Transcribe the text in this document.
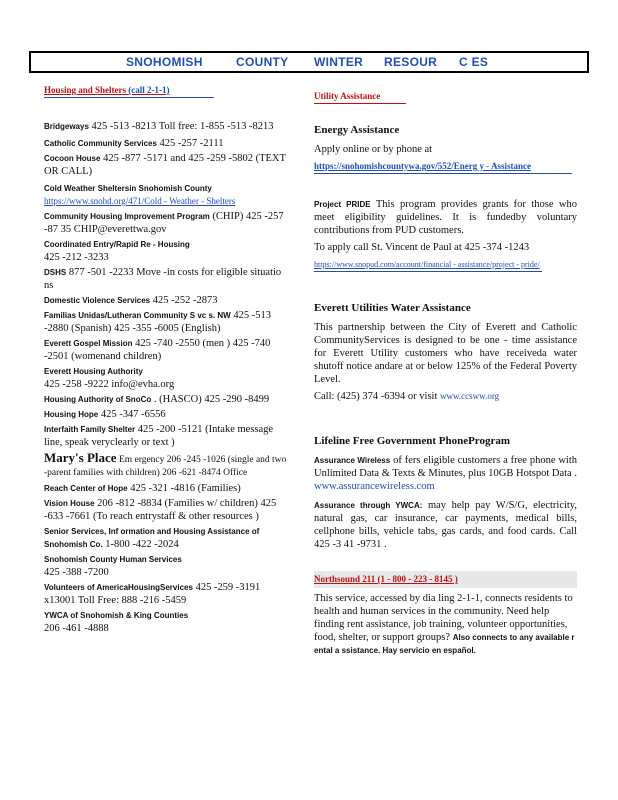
SNOHOMISH	COUNTY WINTER RESOUR C ES
Housing and Shelters (call 2-1-1)

Bridgeways 425 -513 -8213 Toll free: 1-855 -513 -8213

Catholic Community Services 425 -257 -2111

Cocoon House 425 -877 -5171 and 425 -259 -5802 (TEXT OR CALL)

Cold Weather Sheltersin Snohomish County

https://www.snohd.org/471/Cold - Weather - Shelters

Community Housing Improvement Program (CHIP) 425 -257 -87 35 CHIP@everettwa.gov

Coordinated Entry/Rapid Re - Housing
425 -212 -3233

DSHS 877 -501 -2233 Move -in costs for eligible situatio ns

Domestic Violence Services 425 -252 -2873

Familias Unidas/Lutheran Community S vc s. NW 425 -513 -2880 (Spanish) 425 -355 -6005 (English)

Everett Gospel Mission 425 -740 -2550 (men ) 425 -740 -2501 (womenand children)

Everett Housing Authority
425 -258 -9222 info@evha.org

Housing Authority of SnoCo . (HASCO) 425 -290 -8499

Housing Hope 425 -347 -6556

Interfaith Family Shelter 425 -200 -5121 (Intake message line, speak veryclearly or text )

Mary's Place Em ergency 206 -245 -1026 (single and two -parent families with children) 206 -621 -8474 Office

Reach Center of Hope 425 -321 -4816 (Families)

Vision House 206 -812 -8834 (Families w/ children) 425 -633 -7661 (To reach entrystaff & other resources )

Senior Services, Inf ormation and Housing Assistance of Snohomish Co. 1-800 -422 -2024

Snohomish County Human Services
425 -388 -7200

Volunteers of AmericaHousingServices 425 -259 -3191 x13001 Toll Free: 888 -216 -5459

YWCA of Snohomish & King Counties
206 -461 -4888

Utility Assistance
Energy Assistance

Apply online or by phone at

https://snohomishcountywa.gov/552/Energ y - Assistance

Project PRIDE This program provides grants for those who meet eligibility guidelines. It is fundedby voluntary contributions from PUD customers.

To apply call St. Vincent de Paul at 425 -374 -1243

https://www.snopud.com/account/financial - assistance/project - pride/

Everett Utilities Water Assistance

This partnership between the City of Everett and Catholic CommunityServices is designed to be one - time assistance for Everett Utility customers who have receiveda water shutoff notice andare at or below 125% of the Federal Poverty Level.

Call: (425) 374 -6394 or visit www.ccsww.org

Lifeline Free Government PhoneProgram

Assurance Wireless of fers eligible customers a free phone with Unlimited Data & Texts & Minutes, plus 10GB Hotspot Data . www.assurancewireless.com

Assurance through YWCA: may help pay W/S/G, electricity, natural gas, car insurance, car payments, medical bills, cellphone bills, vehicle tabs, gas cards, and food cards. Call 425 -3 41 -9731 .

Northsound 211 (1 - 800 - 223 - 8145 )

This service, accessed by dia ling 2-1-1, connects residents to health and human services in the community. Need help finding rent assistance, job training, volunteer opportunities, food, shelter, or support groups? Also connects to any available r ental a ssistance. Hay servicio en español.
